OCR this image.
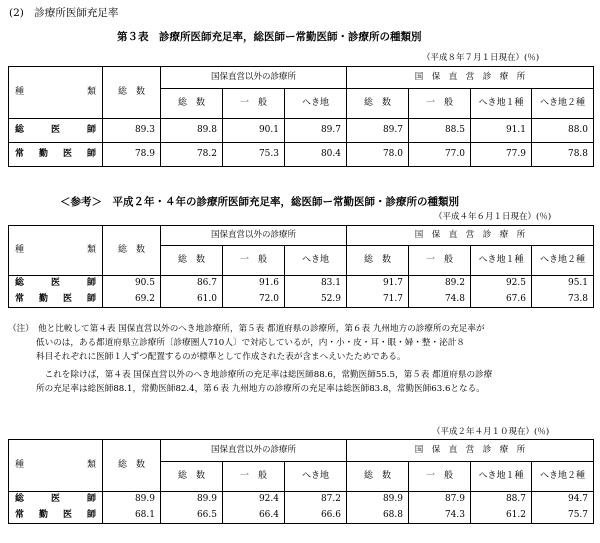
(2)　診療所医師充足率
第３表　診療所医師充足率，総医師ー常勤医師・診療所の種類別
（平成８年７月１日現在）(％)
種　　　類	総　数	国保直営以外の診療所			国　保　直　営　診　療　所			
		総　数	一　般	へき地	総　数	一　般	へき地１種	へき地２種
総　医　師	89.3	89.8	90.1	89.7	89.7	88.5	91.1	88.0
常　勤　医　師	78.9	78.2	75.3	80.4	78.0	77.0	77.9	78.8
＜参考＞　平成２年・４年の診療所医師充足率，総医師ー常勤医師・診療所の種類別
（平成４年６月１日現在）(％)
種　　　類	総　数	国保直営以外の診療所			国　保　直　営　診　療　所			
		総　数	一　般	へき地	総　数	一　般	へき地１種	へき地２種
総　医　師	90.5	86.7	91.6	83.1	91.7	89.2	92.5	95.1
常　勤　医　師	69.2	61.0	72.0	52.9	71.7	74.8	67.6	73.8
（注）　他と比較して第４表 国保直営以外のへき地診療所，第５表 都道府県の診療所，第６表 九州地方の診療所の充足率が
低いのは，ある都道府県立診療所〔診療圏人710人〕で対応しているが，内・小・皮・耳・眼・婦・整・泌計８
科目それぞれに医師１人ずつ配置するのが標準として作成された表が含まへえいたためである。
　これを除けば，第４表 国保直営以外のへき地診療所の充足率は総医師88.6，常勤医師55.5，第５表 都道府県の診療
所の充足率は総医師88.1，常勤医師82.4，第６表 九州地方の診療所の充足率は総医師83.8，常勤医師63.6となる。
（平成２年４月１０現在）(％)
種　　　類	総　数	国保直営以外の診療所			国　保　直　営　診　療　所			
		総　数	一　般	へき地	総　数	一　般	へき地１種	へき地２種
総　医　師	89.9	89.9	92.4	87.2	89.9	87.9	88.7	94.7
常　勤　医　師	68.1	66.5	66.4	66.6	68.8	74.3	61.2	75.7
